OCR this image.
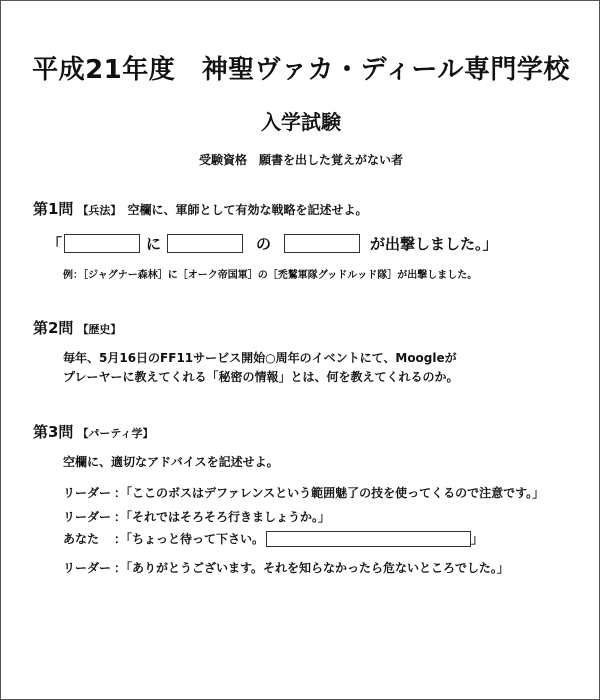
平成21年度　神聖ヴァカ・ディール専門学校
入学試験
受験資格　願書を出した覚えがない者
第1問 【兵法】 空欄に、軍師として有効な戦略を記述せよ。
「	に	の	が出撃しました。」
例：［ジャグナー森林］に［オーク帝国軍］の［禿鷲軍隊グッドルッド隊］が出撃しました。
第2問 【歴史】
毎年、5月16日のFF11サービス開始○周年のイベントにて、Moogleが
プレーヤーに教えてくれる「秘密の情報」とは、何を教えてくれるのか。
第3問 【パーティ学】
空欄に、適切なアドバイスを記述せよ。
リーダー ：「ここのボスはデファレンスという範囲魅了の技を使ってくるので注意です。」
リーダー ：「それではそろそろ行きましょうか。」
あなた	：「ちょっと待って下さい。	」
リーダー ：「ありがとうございます。それを知らなかったら危ないところでした。」
